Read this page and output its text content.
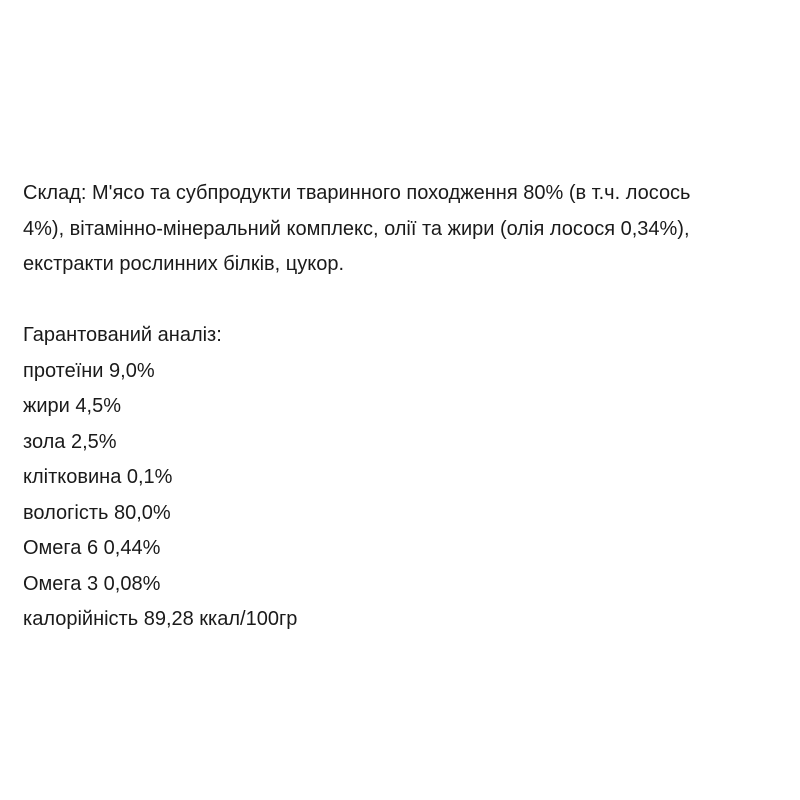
Склад: М'ясо та субпродукти тваринного походження 80% (в т.ч. лосось

4%), вітамінно-мінеральний комплекс, олії та жири (олія лосося 0,34%),

екстракти рослинних білків, цукор.

Гарантований аналіз:

протеїни 9,0%

жири 4,5%

зола 2,5%

клітковина 0,1%

вологість 80,0%

Омега 6 0,44%

Омега 3 0,08%

калорійність 89,28 ккал/100гр
